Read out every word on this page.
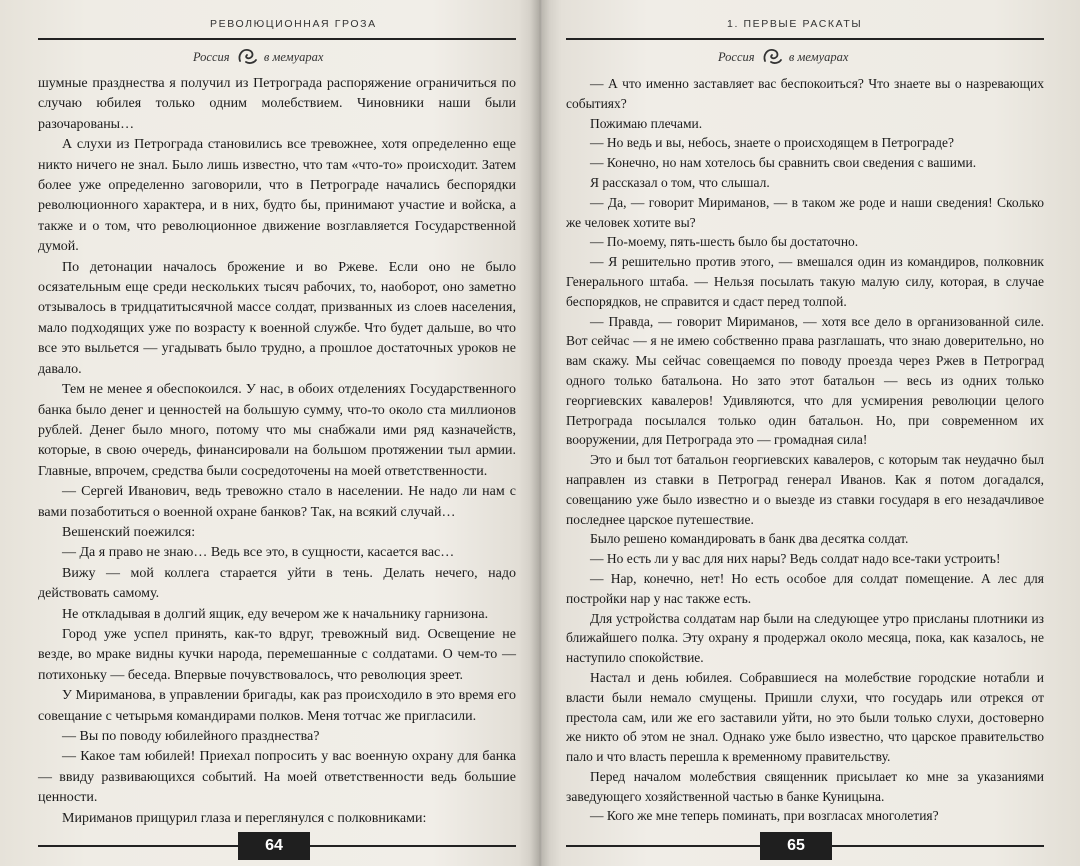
РЕВОЛЮЦИОННАЯ ГРОЗА
Россия	в мемуарах

шумные празднества я получил из Петрограда распоряжение ограничиться по случаю юбилея только одним молебствием. Чиновники наши были разочарованы…

А слухи из Петрограда становились все тревожнее, хотя определенно еще никто ничего не знал. Было лишь известно, что там «что-то» происходит. Затем более уже определенно заговорили, что в Петрограде начались беспорядки революционного характера, и в них, будто бы, принимают участие и войска, а также и о том, что революционное движение возглавляется Государственной думой.

По детонации началось брожение и во Ржеве. Если оно не было осязательным еще среди нескольких тысяч рабочих, то, наоборот, оно заметно отзывалось в тридцатитысячной массе солдат, призванных из слоев населения, мало подходящих уже по возрасту к военной службе. Что будет дальше, во что все это выльется — угадывать было трудно, а прошлое достаточных уроков не давало.

Тем не менее я обеспокоился. У нас, в обоих отделениях Государственного банка было денег и ценностей на большую сумму, что-то около ста миллионов рублей. Денег было много, потому что мы снабжали ими ряд казначейств, которые, в свою очередь, финансировали на большом протяжении тыл армии. Главные, впрочем, средства были сосредоточены на моей ответственности.

— Сергей Иванович, ведь тревожно стало в населении. Не надо ли нам с вами позаботиться о военной охране банков? Так, на всякий случай…

Вешенский поежился:

— Да я право не знаю… Ведь все это, в сущности, касается вас…

Вижу — мой коллега старается уйти в тень. Делать нечего, надо действовать самому.

Не откладывая в долгий ящик, еду вечером же к начальнику гарнизона.

Город уже успел принять, как-то вдруг, тревожный вид. Освещение не везде, во мраке видны кучки народа, перемешанные с солдатами. О чем-то — потихоньку — беседа. Впервые почувствовалось, что революция зреет.

У Мириманова, в управлении бригады, как раз происходило в это время его совещание с четырьмя командирами полков. Меня тотчас же пригласили.

— Вы по поводу юбилейного празднества?

— Какое там юбилей! Приехал попросить у вас военную охрану для банка — ввиду развивающихся событий. На моей ответственности ведь большие ценности.

Мириманов прищурил глаза и переглянулся с полковниками:

64
1. ПЕРВЫЕ РАСКАТЫ
Россия	в мемуарах

— А что именно заставляет вас беспокоиться? Что знаете вы о назревающих событиях?

Пожимаю плечами.

— Но ведь и вы, небось, знаете о происходящем в Петрограде?

— Конечно, но нам хотелось бы сравнить свои сведения с вашими.

Я рассказал о том, что слышал.

— Да, — говорит Мириманов, — в таком же роде и наши сведения! Сколько же человек хотите вы?

— По-моему, пять-шесть было бы достаточно.

— Я решительно против этого, — вмешался один из командиров, полковник Генерального штаба. — Нельзя посылать такую малую силу, которая, в случае беспорядков, не справится и сдаст перед толпой.

— Правда, — говорит Мириманов, — хотя все дело в организованной силе. Вот сейчас — я не имею собственно права разглашать, что знаю доверительно, но вам скажу. Мы сейчас совещаемся по поводу проезда через Ржев в Петроград одного только батальона. Но зато этот батальон — весь из одних только георгиевских кавалеров! Удивляются, что для усмирения революции целого Петрограда посылался только один батальон. Но, при современном их вооружении, для Петрограда это — громадная сила!

Это и был тот батальон георгиевских кавалеров, с которым так неудачно был направлен из ставки в Петроград генерал Иванов. Как я потом догадался, совещанию уже было известно и о выезде из ставки государя в его незадачливое последнее царское путешествие.

Было решено командировать в банк два десятка солдат.

— Но есть ли у вас для них нары? Ведь солдат надо все-таки устроить!

— Нар, конечно, нет! Но есть особое для солдат помещение. А лес для постройки нар у нас также есть.

Для устройства солдатам нар были на следующее утро присланы плотники из ближайшего полка. Эту охрану я продержал около месяца, пока, как казалось, не наступило спокойствие.

Настал и день юбилея. Собравшиеся на молебствие городские нотабли и власти были немало смущены. Пришли слухи, что государь или отрекся от престола сам, или же его заставили уйти, но это были только слухи, достоверно же никто об этом не знал. Однако уже было известно, что царское правительство пало и что власть перешла к временному правительству.

Перед началом молебствия священник присылает ко мне за указаниями заведующего хозяйственной частью в банке Куницына.

— Кого же мне теперь поминать, при возгласах многолетия?

65
